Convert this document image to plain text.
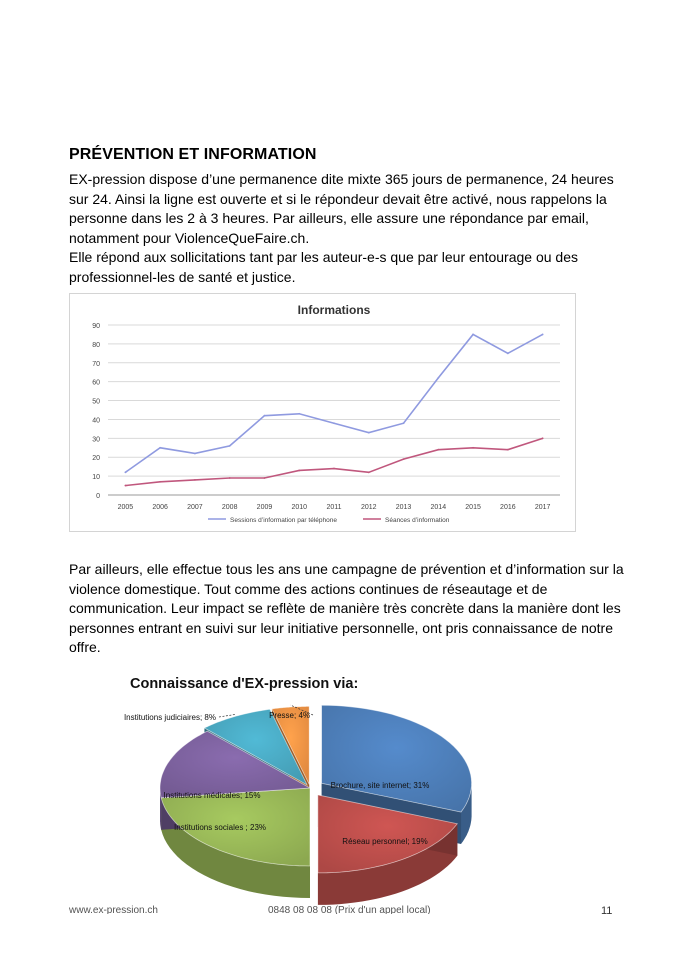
PRÉVENTION ET INFORMATION

EX-pression dispose d’une permanence dite mixte 365 jours de permanence, 24 heures sur 24. Ainsi la ligne est ouverte et si le répondeur devait être activé, nous rappelons la personne dans les 2 à 3 heures. Par ailleurs, elle assure une répondance par email, notamment pour ViolenceQueFaire.ch.

Elle répond aux sollicitations tant par les auteur-e-s que par leur entourage ou des professionnel-les de santé et justice.

Informations
0
10
20
30
40
50
60
70
80
90
2005	2006	2007	2008	2009	2010	2011	2012	2013	2014	2015	2016	2017
Sessions d’information par téléphone	Séances d’information

Par ailleurs, elle effectue tous les ans une campagne de prévention et d’information sur la violence domestique. Tout comme des actions continues de réseautage et de communication. Leur impact se reflète de manière très concrète dans la manière dont les personnes entrant en suivi sur leur initiative personnelle, ont pris connaissance de notre offre.

Connaissance d'EX-pression via:
Brochure, site internet; 31%
Réseau personnel; 19%
Institutions sociales ; 23%
Institutions médicales; 15%
Institutions judiciaires; 8%	Presse; 4%
www.ex-pression.ch	0848 08 08 08 (Prix d'un appel local)	11
